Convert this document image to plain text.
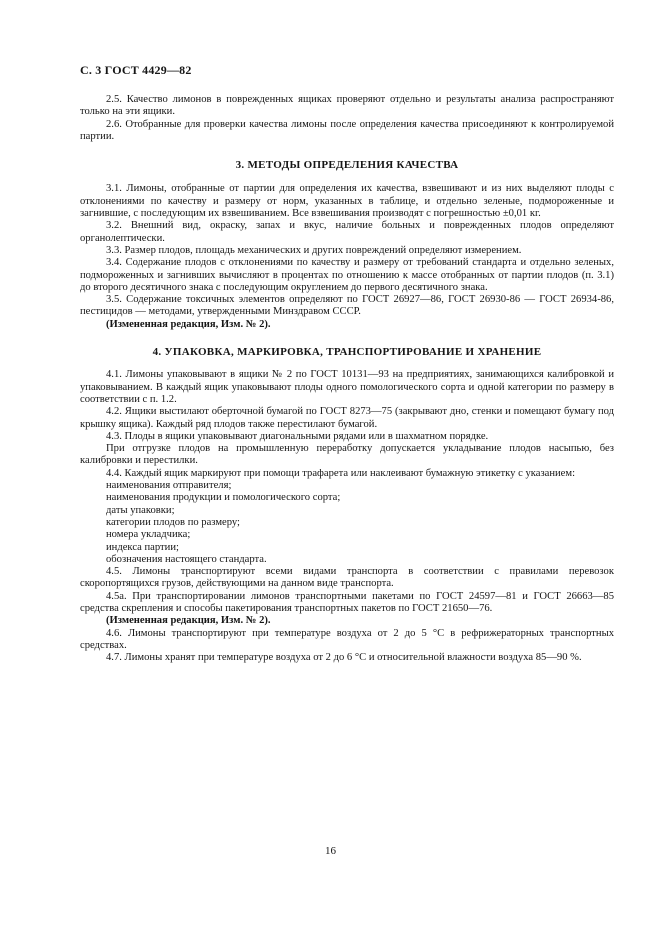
С. 3 ГОСТ 4429—82

2.5. Качество лимонов в поврежденных ящиках проверяют отдельно и результаты анализа распространяют только на эти ящики.

2.6. Отобранные для проверки качества лимоны после определения качества присоединяют к контролируемой партии.

3. МЕТОДЫ ОПРЕДЕЛЕНИЯ КАЧЕСТВА

3.1. Лимоны, отобранные от партии для определения их качества, взвешивают и из них выделяют плоды с отклонениями по качеству и размеру от норм, указанных в таблице, и отдельно зеленые, подмороженные и загнившие, с последующим их взвешиванием. Все взвешивания производят с погрешностью ±0,01 кг.

3.2. Внешний вид, окраску, запах и вкус, наличие больных и поврежденных плодов определяют органолептически.

3.3. Размер плодов, площадь механических и других повреждений определяют измерением.

3.4. Содержание плодов с отклонениями по качеству и размеру от требований стандарта и отдельно зеленых, подмороженных и загнивших вычисляют в процентах по отношению к массе отобранных от партии плодов (п. 3.1) до второго десятичного знака с последующим округлением до первого десятичного знака.

3.5. Содержание токсичных элементов определяют по ГОСТ 26927—86, ГОСТ 26930-86 — ГОСТ 26934-86, пестицидов — методами, утвержденными Минздравом СССР.

(Измененная редакция, Изм. № 2).

4. УПАКОВКА, МАРКИРОВКА, ТРАНСПОРТИРОВАНИЕ И ХРАНЕНИЕ

4.1. Лимоны упаковывают в ящики № 2 по ГОСТ 10131—93 на предприятиях, занимающихся калибровкой и упаковыванием. В каждый ящик упаковывают плоды одного помологического сорта и одной категории по размеру в соответствии с п. 1.2.

4.2. Ящики выстилают оберточной бумагой по ГОСТ 8273—75 (закрывают дно, стенки и помещают бумагу под крышку ящика). Каждый ряд плодов также перестилают бумагой.

4.3. Плоды в ящики упаковывают диагональными рядами или в шахматном порядке.

При отгрузке плодов на промышленную переработку допускается укладывание плодов насыпью, без калибровки и перестилки.

4.4. Каждый ящик маркируют при помощи трафарета или наклеивают бумажную этикетку с указанием:

наименования отправителя;

наименования продукции и помологического сорта;

даты упаковки;

категории плодов по размеру;

номера укладчика;

индекса партии;

обозначения настоящего стандарта.

4.5. Лимоны транспортируют всеми видами транспорта в соответствии с правилами перевозок скоропортящихся грузов, действующими на данном виде транспорта.

4.5а. При транспортировании лимонов транспортными пакетами по ГОСТ 24597—81 и ГОСТ 26663—85 средства скрепления и способы пакетирования транспортных пакетов по ГОСТ 21650—76.

(Измененная редакция, Изм. № 2).

4.6. Лимоны транспортируют при температуре воздуха от 2 до 5 °С в рефрижераторных транспортных средствах.

4.7. Лимоны хранят при температуре воздуха от 2 до 6 °С и относительной влажности воздуха 85—90 %.

16
